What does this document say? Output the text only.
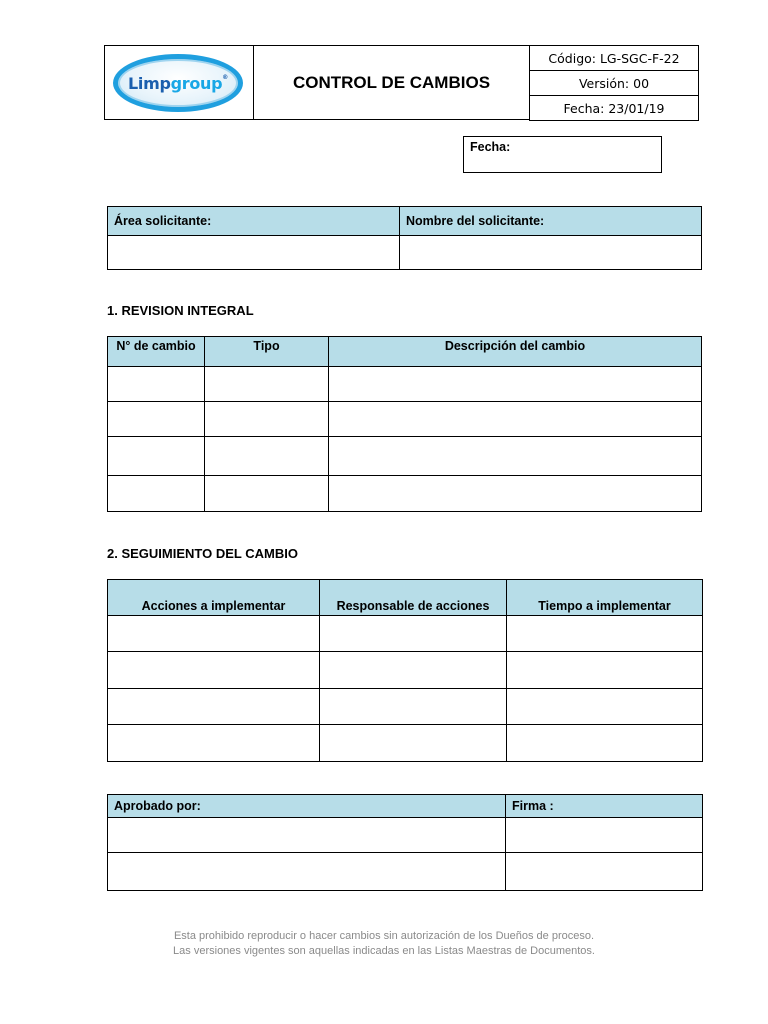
Limpgroup®	CONTROL DE CAMBIOS
Código: LG-SGC-F-22
Versión: 00
Fecha: 23/01/19
Fecha:
Área solicitante:	Nombre del solicitante:

1. REVISION INTEGRAL
N° de cambio	Tipo	Descripción del cambio

2. SEGUIMIENTO DEL CAMBIO
Acciones a implementar	Responsable de acciones	Tiempo a implementar

Aprobado por:	Firma :

Esta prohibido reproducir o hacer cambios sin autorización de los Dueños de proceso.
Las versiones vigentes son aquellas indicadas en las Listas Maestras de Documentos.
